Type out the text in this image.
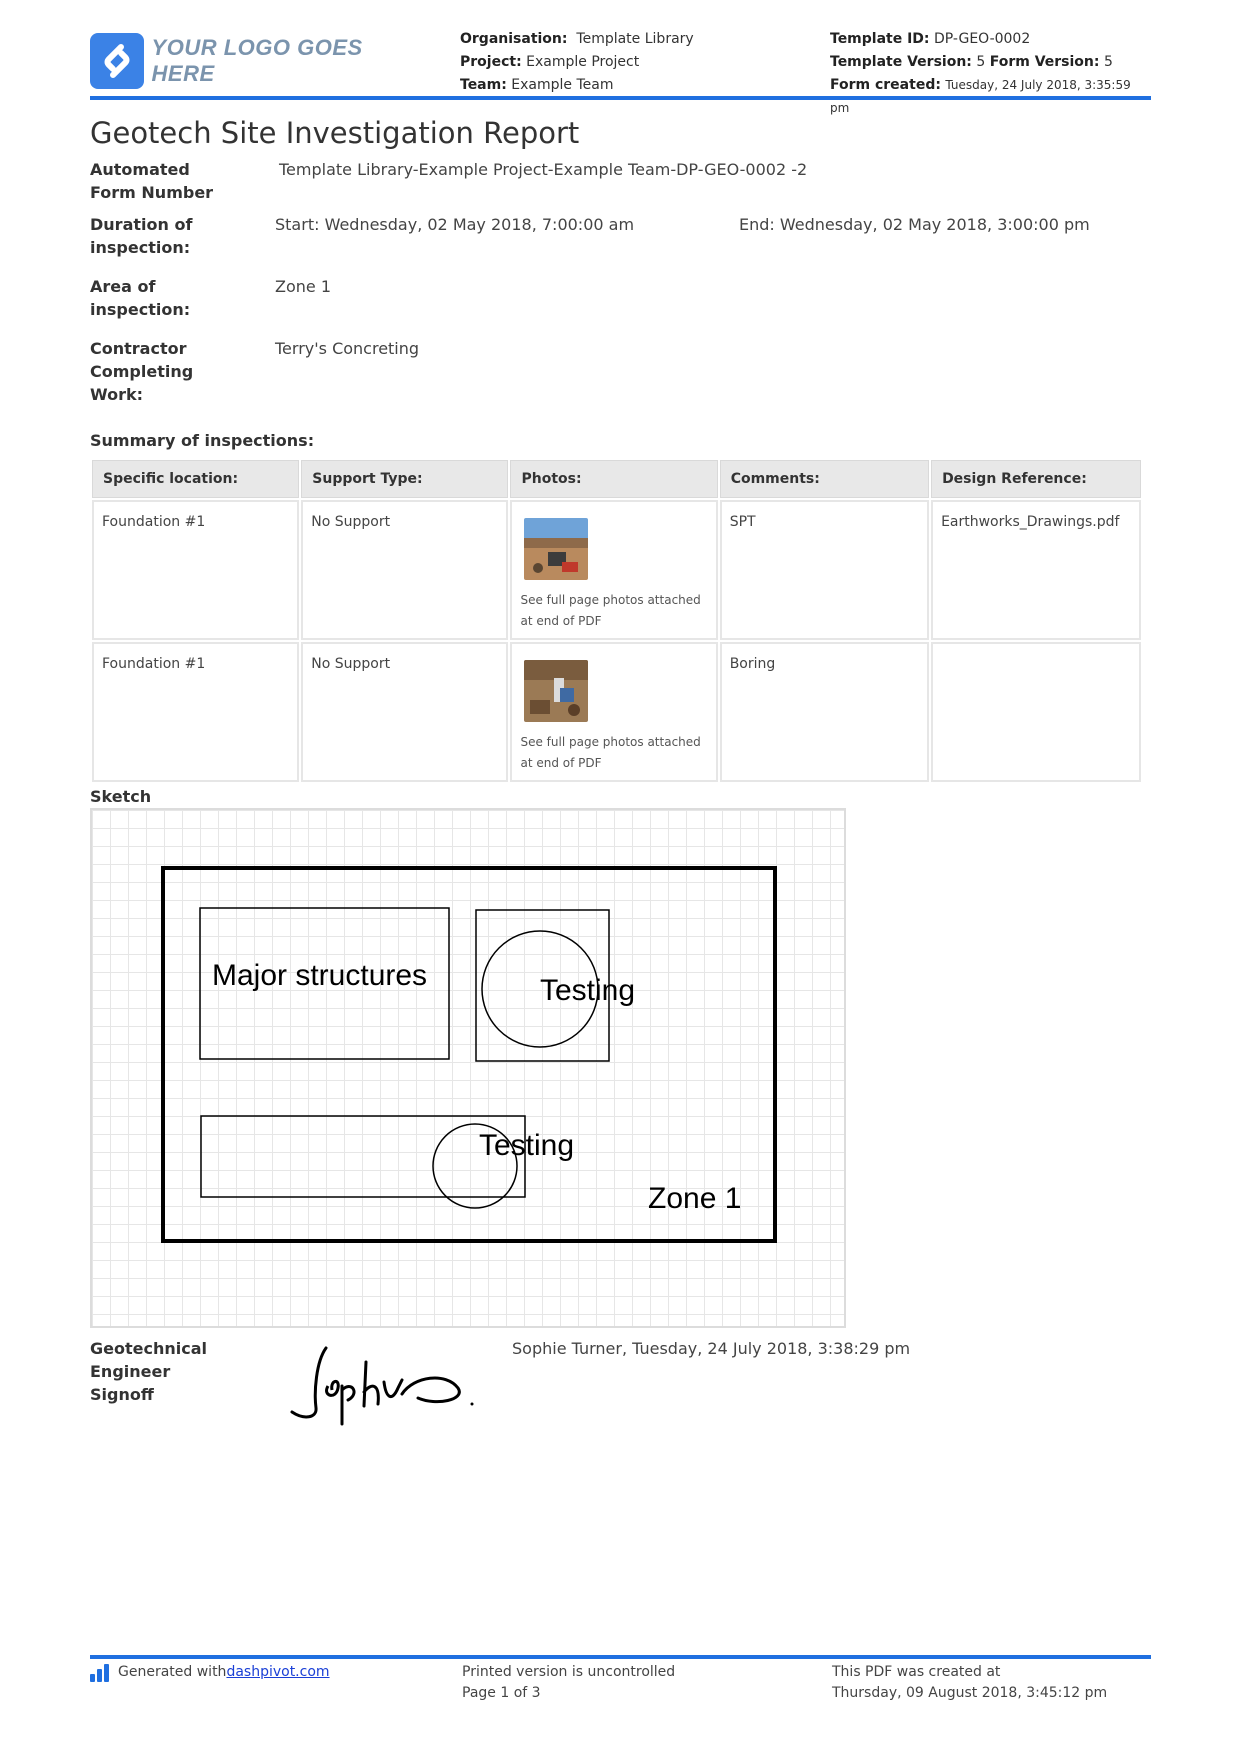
YOUR LOGO GOES HERE
Organisation: Template Library
Project: Example Project
Team: Example Team
Template ID: DP-GEO-0002
Template Version: 5 Form Version: 5
Form created: Tuesday, 24 July 2018, 3:35:59 pm
Geotech Site Investigation Report
Automated
Form Number
Template Library-Example Project-Example Team-DP-GEO-0002 -2
Duration of
inspection:
Start: Wednesday, 02 May 2018, 7:00:00 am	End: Wednesday, 02 May 2018, 3:00:00 pm
Area of
inspection:
Zone 1
Contractor
Completing
Work:
Terry's Concreting
Summary of inspections:
Specific location:	Support Type:	Photos:	Comments:	Design Reference:
Foundation #1	No Support	See full page photos attached at end of PDF	SPT	Earthworks_Drawings.pdf
Foundation #1	No Support	See full page photos attached at end of PDF	Boring	
Sketch
Major structures	Testing
Testing
Zone 1
Geotechnical
Engineer
Signoff
Sophie Turner, Tuesday, 24 July 2018, 3:38:29 pm
Generated with dashpivot.com	Printed version is uncontrolled
Page 1 of 3
This PDF was created at
Thursday, 09 August 2018, 3:45:12 pm
